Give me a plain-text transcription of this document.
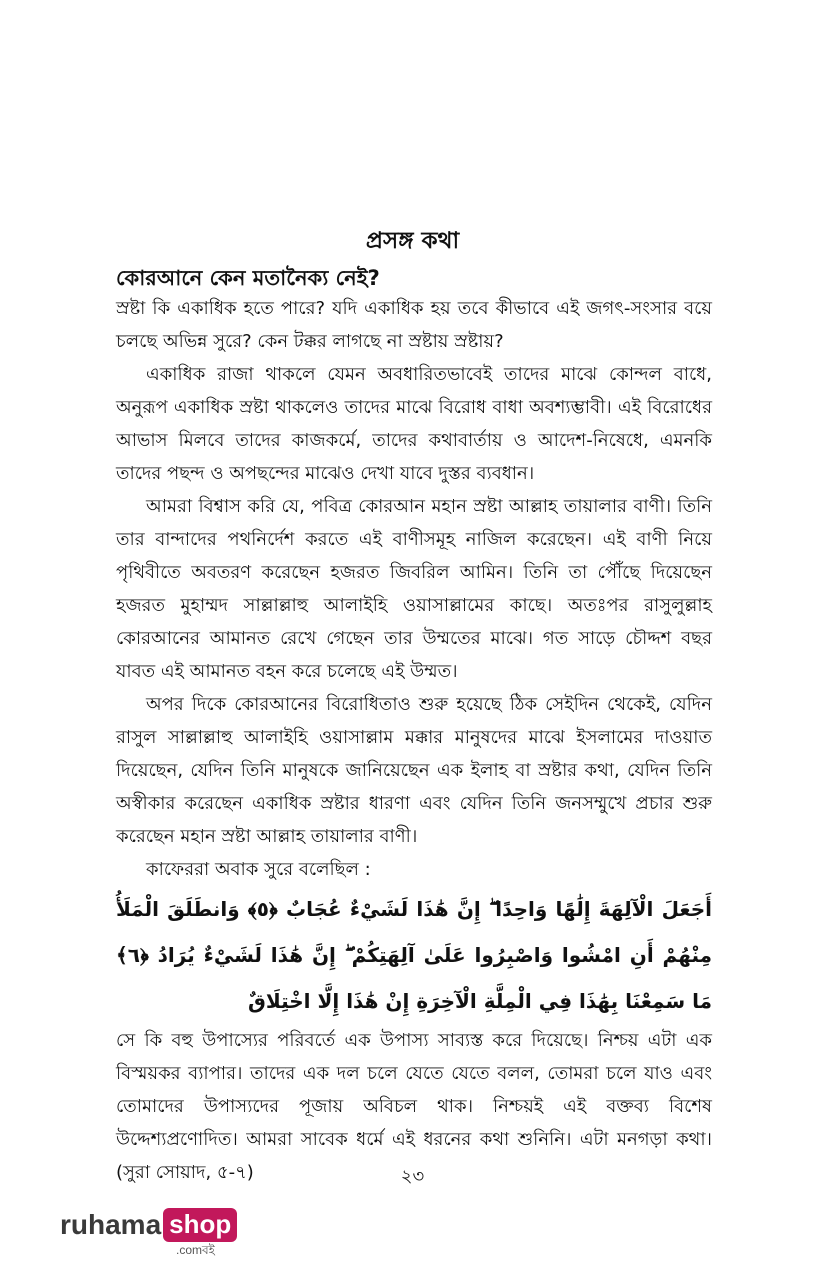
প্রসঙ্গ কথা
কোরআনে কেন মতানৈক্য নেই?

স্রষ্টা কি একাধিক হতে পারে? যদি একাধিক হয় তবে কীভাবে এই জগৎ-সংসার বয়ে চলছে অভিন্ন সুরে? কেন টক্কর লাগছে না স্রষ্টায় স্রষ্টায়?

একাধিক রাজা থাকলে যেমন অবধারিতভাবেই তাদের মাঝে কোন্দল বাধে, অনুরূপ একাধিক স্রষ্টা থাকলেও তাদের মাঝে বিরোধ বাধা অবশ্যম্ভাবী। এই বিরোধের আভাস মিলবে তাদের কাজকর্মে, তাদের কথাবার্তায় ও আদেশ-নিষেধে, এমনকি তাদের পছন্দ ও অপছন্দের মাঝেও দেখা যাবে দুস্তর ব্যবধান।

আমরা বিশ্বাস করি যে, পবিত্র কোরআন মহান স্রষ্টা আল্লাহ তায়ালার বাণী। তিনি তার বান্দাদের পথনির্দেশ করতে এই বাণীসমূহ নাজিল করেছেন। এই বাণী নিয়ে পৃথিবীতে অবতরণ করেছেন হজরত জিবরিল আমিন। তিনি তা পৌঁছে দিয়েছেন হজরত মুহাম্মদ সাল্লাল্লাহু আলাইহি ওয়াসাল্লামের কাছে। অতঃপর রাসুলুল্লাহ কোরআনের আমানত রেখে গেছেন তার উম্মতের মাঝে। গত সাড়ে চৌদ্দশ বছর যাবত এই আমানত বহন করে চলেছে এই উম্মত।

অপর দিকে কোরআনের বিরোধিতাও শুরু হয়েছে ঠিক সেইদিন থেকেই, যেদিন রাসুল সাল্লাল্লাহু আলাইহি ওয়াসাল্লাম মক্কার মানুষদের মাঝে ইসলামের দাওয়াত দিয়েছেন, যেদিন তিনি মানুষকে জানিয়েছেন এক ইলাহ বা স্রষ্টার কথা, যেদিন তিনি অস্বীকার করেছেন একাধিক স্রষ্টার ধারণা এবং যেদিন তিনি জনসম্মুখে প্রচার শুরু করেছেন মহান স্রষ্টা আল্লাহ তায়ালার বাণী।

কাফেররা অবাক সুরে বলেছিল :

أَجَعَلَ الْآلِهَةَ إِلَٰهًا وَاحِدًا ۖ إِنَّ هَٰذَا لَشَيْءٌ عُجَابٌ ﴿٥﴾ وَانطَلَقَ الْمَلَأُ مِنْهُمْ أَنِ امْشُوا وَاصْبِرُوا عَلَىٰ آلِهَتِكُمْ ۖ إِنَّ هَٰذَا لَشَيْءٌ يُرَادُ ﴿٦﴾ مَا سَمِعْنَا بِهَٰذَا فِي الْمِلَّةِ الْآخِرَةِ إِنْ هَٰذَا إِلَّا اخْتِلَاقٌ

সে কি বহু উপাস্যের পরিবর্তে এক উপাস্য সাব্যস্ত করে দিয়েছে। নিশ্চয় এটা এক বিস্ময়কর ব্যাপার। তাদের এক দল চলে যেতে যেতে বলল, তোমরা চলে যাও এবং তোমাদের উপাস্যদের পূজায় অবিচল থাক। নিশ্চয়ই এই বক্তব্য বিশেষ উদ্দেশ্যপ্রণোদিত। আমরা সাবেক ধর্মে এই ধরনের কথা শুনিনি। এটা মনগড়া কথা। (সুরা সোয়াদ, ৫-৭)	২৩
ruhama shop
.comবই
